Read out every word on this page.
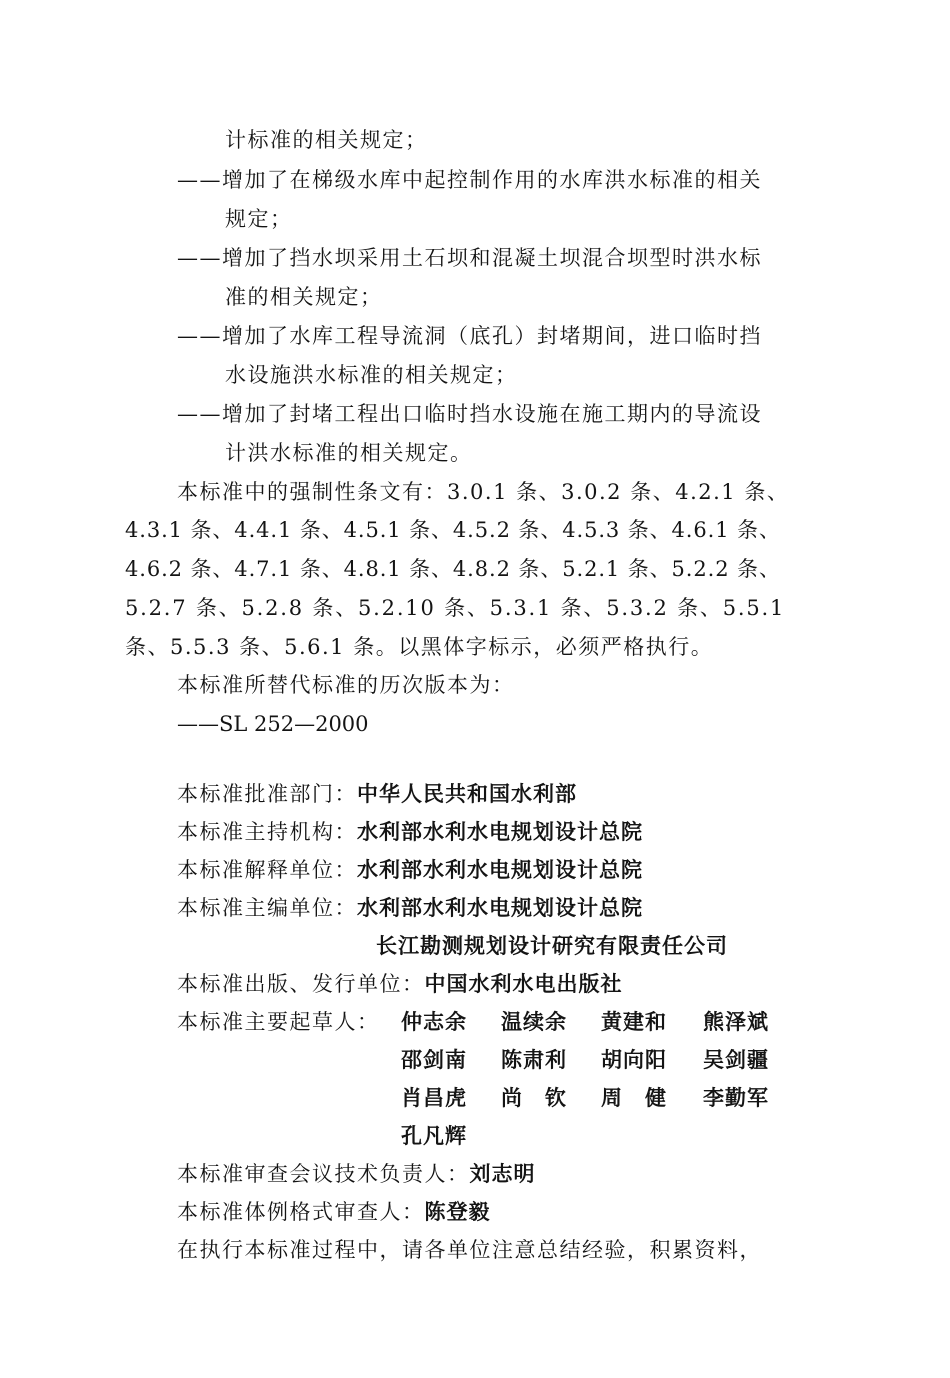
计标准的相关规定；
——增加了在梯级水库中起控制作用的水库洪水标准的相关
规定；
——增加了挡水坝采用土石坝和混凝土坝混合坝型时洪水标
准的相关规定；
——增加了水库工程导流洞（底孔）封堵期间，进口临时挡
水设施洪水标准的相关规定；
——增加了封堵工程出口临时挡水设施在施工期内的导流设
计洪水标准的相关规定。
本标准中的强制性条文有：3.0.1 条、3.0.2 条、4.2.1 条、
4.3.1 条、4.4.1 条、4.5.1 条、4.5.2 条、4.5.3 条、4.6.1 条、
4.6.2 条、4.7.1 条、4.8.1 条、4.8.2 条、5.2.1 条、5.2.2 条、
5.2.7 条、5.2.8 条、5.2.10 条、5.3.1 条、5.3.2 条、5.5.1
条、5.5.3 条、5.6.1 条。以黑体字标示，必须严格执行。
本标准所替代标准的历次版本为：
——SL 252—2000
本标准批准部门：中华人民共和国水利部
本标准主持机构：水利部水利水电规划设计总院
本标准解释单位：水利部水利水电规划设计总院
本标准主编单位：水利部水利水电规划设计总院
长江勘测规划设计研究有限责任公司
本标准出版、发行单位：中国水利水电出版社
本标准主要起草人： 仲志余 温续余 黄建和 熊泽斌
邵剑南 陈肃利 胡向阳 吴剑疆
肖昌虎 尚　钦 周　健 李勤军
孔凡辉
本标准审查会议技术负责人：刘志明
本标准体例格式审查人：陈登毅
在执行本标准过程中，请各单位注意总结经验，积累资料，
